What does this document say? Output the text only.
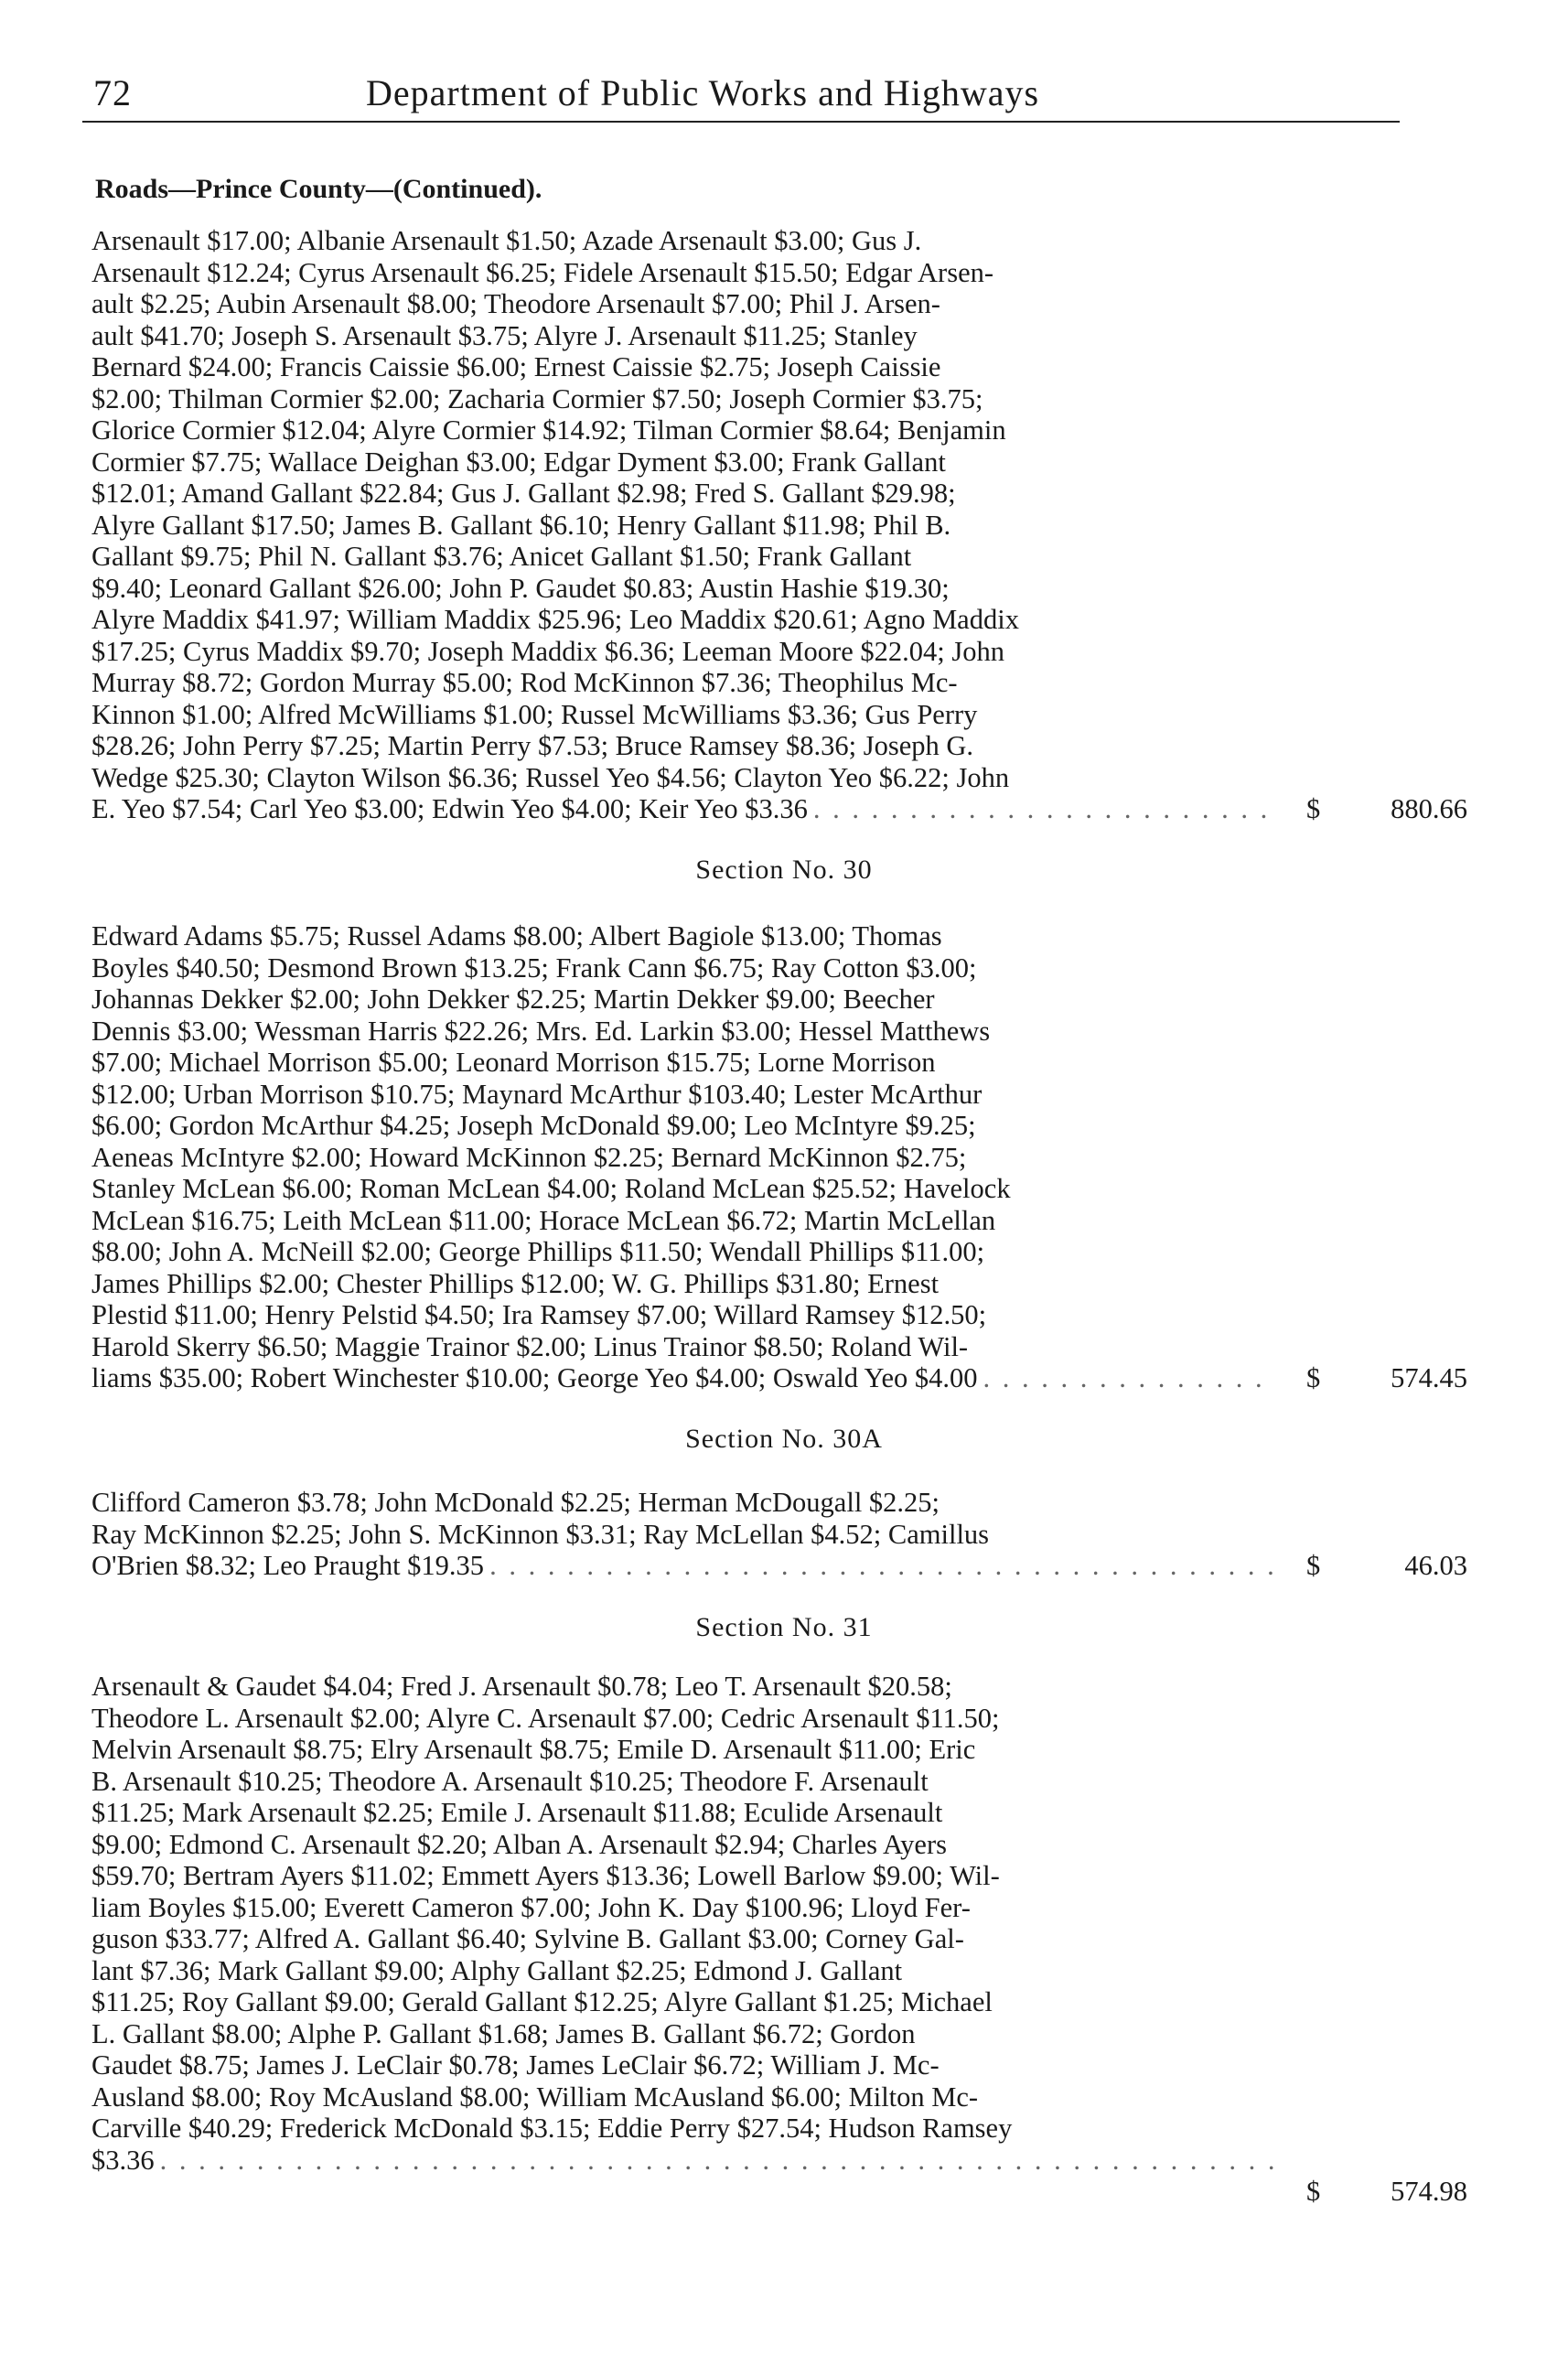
72	Department of Public Works and Highways
Roads—Prince County—(Continued).
Arsenault $17.00; Albanie Arsenault $1.50; Azade Arsenault $3.00; Gus J.
Arsenault $12.24; Cyrus Arsenault $6.25; Fidele Arsenault $15.50; Edgar Arsen-
ault $2.25; Aubin Arsenault $8.00; Theodore Arsenault $7.00; Phil J. Arsen-
ault $41.70; Joseph S. Arsenault $3.75; Alyre J. Arsenault $11.25; Stanley
Bernard $24.00; Francis Caissie $6.00; Ernest Caissie $2.75; Joseph Caissie
$2.00; Thilman Cormier $2.00; Zacharia Cormier $7.50; Joseph Cormier $3.75;
Glorice Cormier $12.04; Alyre Cormier $14.92; Tilman Cormier $8.64; Benjamin
Cormier $7.75; Wallace Deighan $3.00; Edgar Dyment $3.00; Frank Gallant
$12.01; Amand Gallant $22.84; Gus J. Gallant $2.98; Fred S. Gallant $29.98;
Alyre Gallant $17.50; James B. Gallant $6.10; Henry Gallant $11.98; Phil B.
Gallant $9.75; Phil N. Gallant $3.76; Anicet Gallant $1.50; Frank Gallant
$9.40; Leonard Gallant $26.00; John P. Gaudet $0.83; Austin Hashie $19.30;
Alyre Maddix $41.97; William Maddix $25.96; Leo Maddix $20.61; Agno Maddix
$17.25; Cyrus Maddix $9.70; Joseph Maddix $6.36; Leeman Moore $22.04; John
Murray $8.72; Gordon Murray $5.00; Rod McKinnon $7.36; Theophilus Mc-
Kinnon $1.00; Alfred McWilliams $1.00; Russel McWilliams $3.36; Gus Perry
$28.26; John Perry $7.25; Martin Perry $7.53; Bruce Ramsey $8.36; Joseph G.
Wedge $25.30; Clayton Wilson $6.36; Russel Yeo $4.56; Clayton Yeo $6.22; John
E. Yeo $7.54; Carl Yeo $3.00; Edwin Yeo $4.00; Keir Yeo $3.36 . . .	$	880.66
Section No. 30
Edward Adams $5.75; Russel Adams $8.00; Albert Bagiole $13.00; Thomas
Boyles $40.50; Desmond Brown $13.25; Frank Cann $6.75; Ray Cotton $3.00;
Johannas Dekker $2.00; John Dekker $2.25; Martin Dekker $9.00; Beecher
Dennis $3.00; Wessman Harris $22.26; Mrs. Ed. Larkin $3.00; Hessel Matthews
$7.00; Michael Morrison $5.00; Leonard Morrison $15.75; Lorne Morrison
$12.00; Urban Morrison $10.75; Maynard McArthur $103.40; Lester McArthur
$6.00; Gordon McArthur $4.25; Joseph McDonald $9.00; Leo McIntyre $9.25;
Aeneas McIntyre $2.00; Howard McKinnon $2.25; Bernard McKinnon $2.75;
Stanley McLean $6.00; Roman McLean $4.00; Roland McLean $25.52; Havelock
McLean $16.75; Leith McLean $11.00; Horace McLean $6.72; Martin McLellan
$8.00; John A. McNeill $2.00; George Phillips $11.50; Wendall Phillips $11.00;
James Phillips $2.00; Chester Phillips $12.00; W. G. Phillips $31.80; Ernest
Plestid $11.00; Henry Pelstid $4.50; Ira Ramsey $7.00; Willard Ramsey $12.50;
Harold Skerry $6.50; Maggie Trainor $2.00; Linus Trainor $8.50; Roland Wil-
liams $35.00; Robert Winchester $10.00; George Yeo $4.00; Oswald Yeo $4.00 . . .	$	574.45
Section No. 30A
Clifford Cameron $3.78; John McDonald $2.25; Herman McDougall $2.25;
Ray McKinnon $2.25; John S. McKinnon $3.31; Ray McLellan $4.52; Camillus
O'Brien $8.32; Leo Praught $19.35 . . .	$	46.03
Section No. 31
Arsenault & Gaudet $4.04; Fred J. Arsenault $0.78; Leo T. Arsenault $20.58;
Theodore L. Arsenault $2.00; Alyre C. Arsenault $7.00; Cedric Arsenault $11.50;
Melvin Arsenault $8.75; Elry Arsenault $8.75; Emile D. Arsenault $11.00; Eric
B. Arsenault $10.25; Theodore A. Arsenault $10.25; Theodore F. Arsenault
$11.25; Mark Arsenault $2.25; Emile J. Arsenault $11.88; Eculide Arsenault
$9.00; Edmond C. Arsenault $2.20; Alban A. Arsenault $2.94; Charles Ayers
$59.70; Bertram Ayers $11.02; Emmett Ayers $13.36; Lowell Barlow $9.00; Wil-
liam Boyles $15.00; Everett Cameron $7.00; John K. Day $100.96; Lloyd Fer-
guson $33.77; Alfred A. Gallant $6.40; Sylvine B. Gallant $3.00; Corney Gal-
lant $7.36; Mark Gallant $9.00; Alphy Gallant $2.25; Edmond J. Gallant
$11.25; Roy Gallant $9.00; Gerald Gallant $12.25; Alyre Gallant $1.25; Michael
L. Gallant $8.00; Alphe P. Gallant $1.68; James B. Gallant $6.72; Gordon
Gaudet $8.75; James J. LeClair $0.78; James LeClair $6.72; William J. Mc-
Ausland $8.00; Roy McAusland $8.00; William McAusland $6.00; Milton Mc-
Carville $40.29; Frederick McDonald $3.15; Eddie Perry $27.54; Hudson Ramsey
$3.36
. . .
$	574.98
